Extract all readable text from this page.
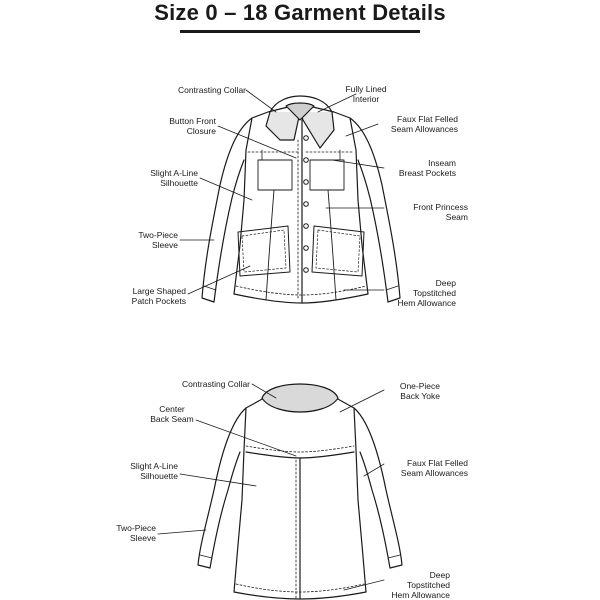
Size 0 – 18 Garment Details
Contrasting Collar	Fully Lined
Interior
Button Front
Closure
Faux Flat Felled
Seam Allowances
Slight A-Line
Silhouette
Inseam
Breast Pockets
Front Princess
Seam
Two-Piece
Sleeve
Large Shaped
Patch Pockets
Deep
Topstitched
Hem Allowance
Contrasting Collar	One-Piece
Back Yoke
Center
Back Seam
Faux Flat Felled
Seam Allowances
Slight A-Line
Silhouette
Two-Piece
Sleeve
Deep
Topstitched
Hem Allowance
